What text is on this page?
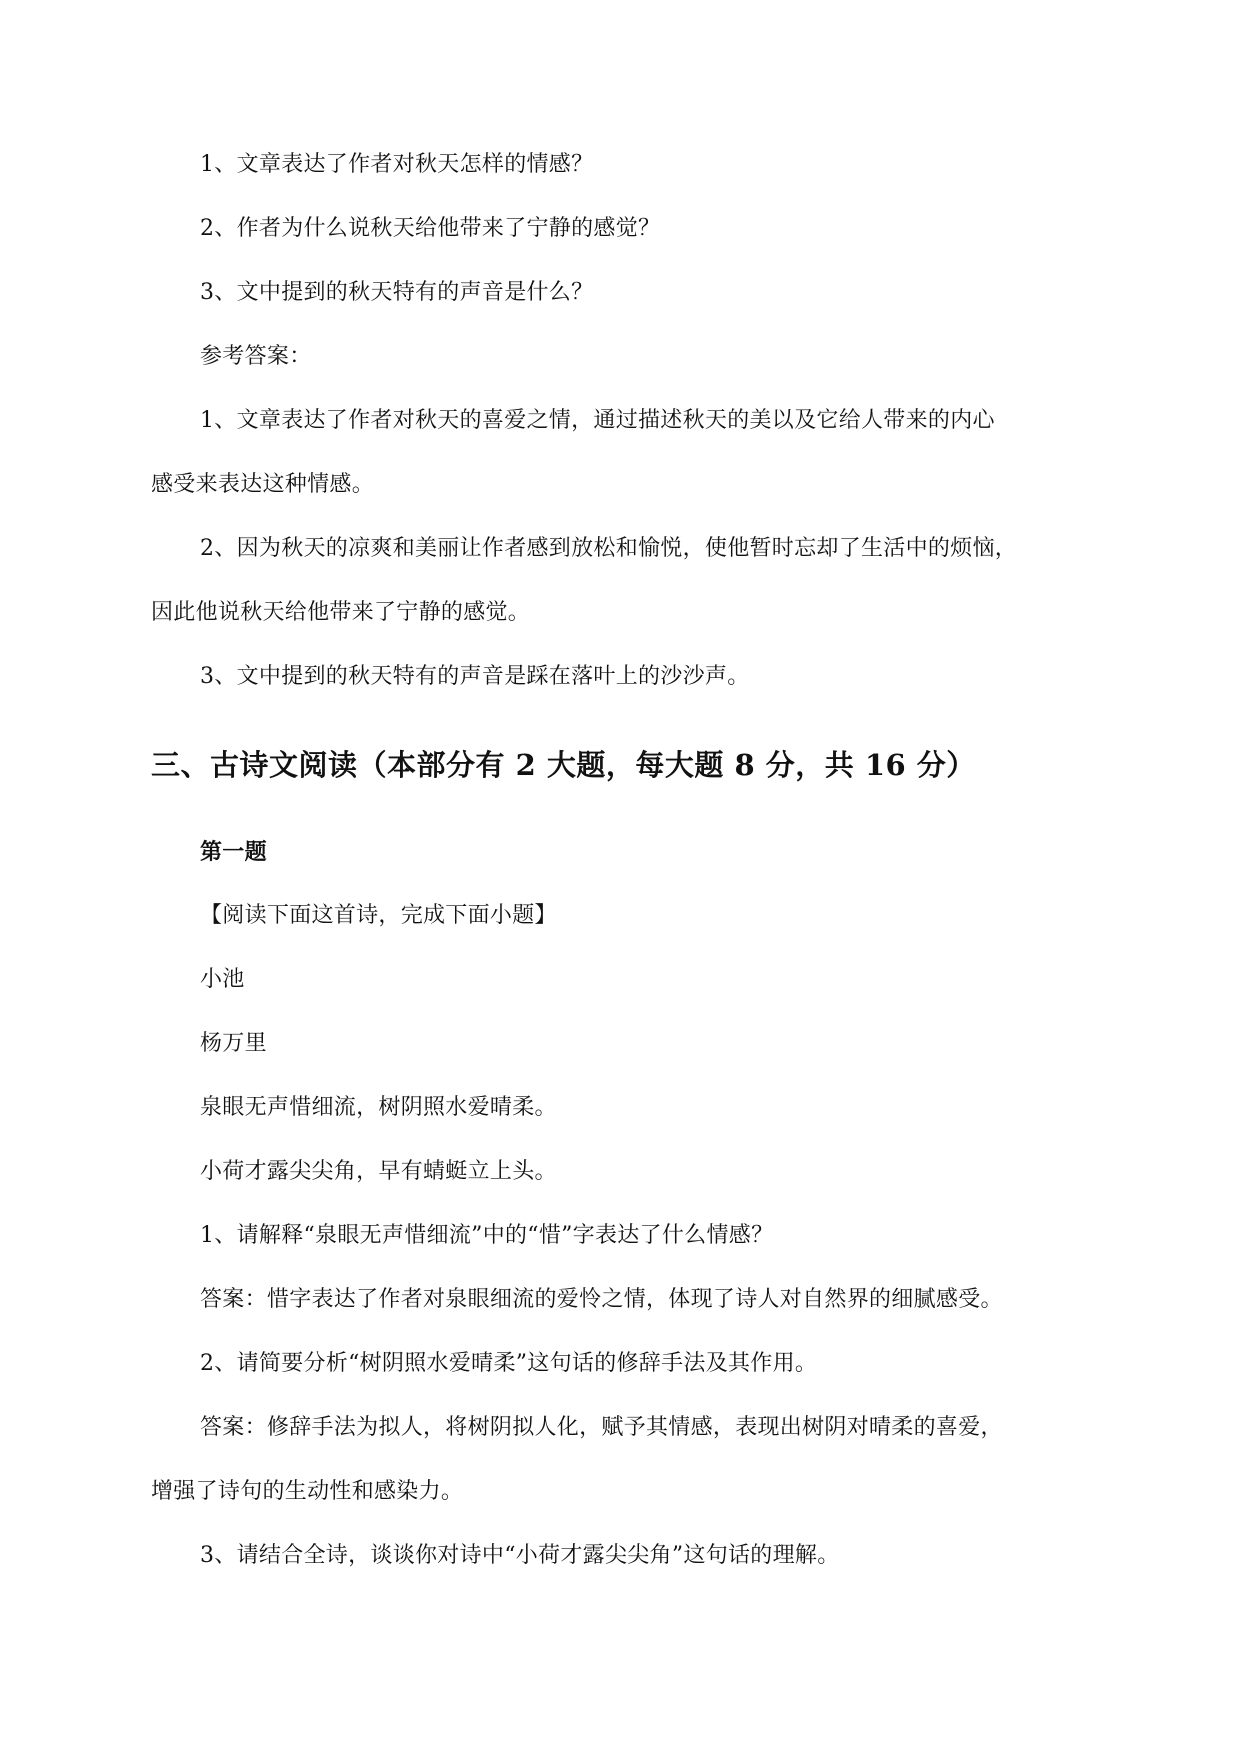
1、文章表达了作者对秋天怎样的情感？
2、作者为什么说秋天给他带来了宁静的感觉？
3、文中提到的秋天特有的声音是什么？
参考答案：
1、文章表达了作者对秋天的喜爱之情，通过描述秋天的美以及它给人带来的内心
感受来表达这种情感。
2、因为秋天的凉爽和美丽让作者感到放松和愉悦，使他暂时忘却了生活中的烦恼，
因此他说秋天给他带来了宁静的感觉。
3、文中提到的秋天特有的声音是踩在落叶上的沙沙声。
三、古诗文阅读（本部分有 2 大题，每大题 8 分，共 16 分）
第一题
【阅读下面这首诗，完成下面小题】
小池
杨万里
泉眼无声惜细流，树阴照水爱晴柔。
小荷才露尖尖角，早有蜻蜓立上头。
1、请解释“泉眼无声惜细流”中的“惜”字表达了什么情感？
答案：惜字表达了作者对泉眼细流的爱怜之情，体现了诗人对自然界的细腻感受。
2、请简要分析“树阴照水爱晴柔”这句话的修辞手法及其作用。
答案：修辞手法为拟人，将树阴拟人化，赋予其情感，表现出树阴对晴柔的喜爱，
增强了诗句的生动性和感染力。
3、请结合全诗，谈谈你对诗中“小荷才露尖尖角”这句话的理解。
